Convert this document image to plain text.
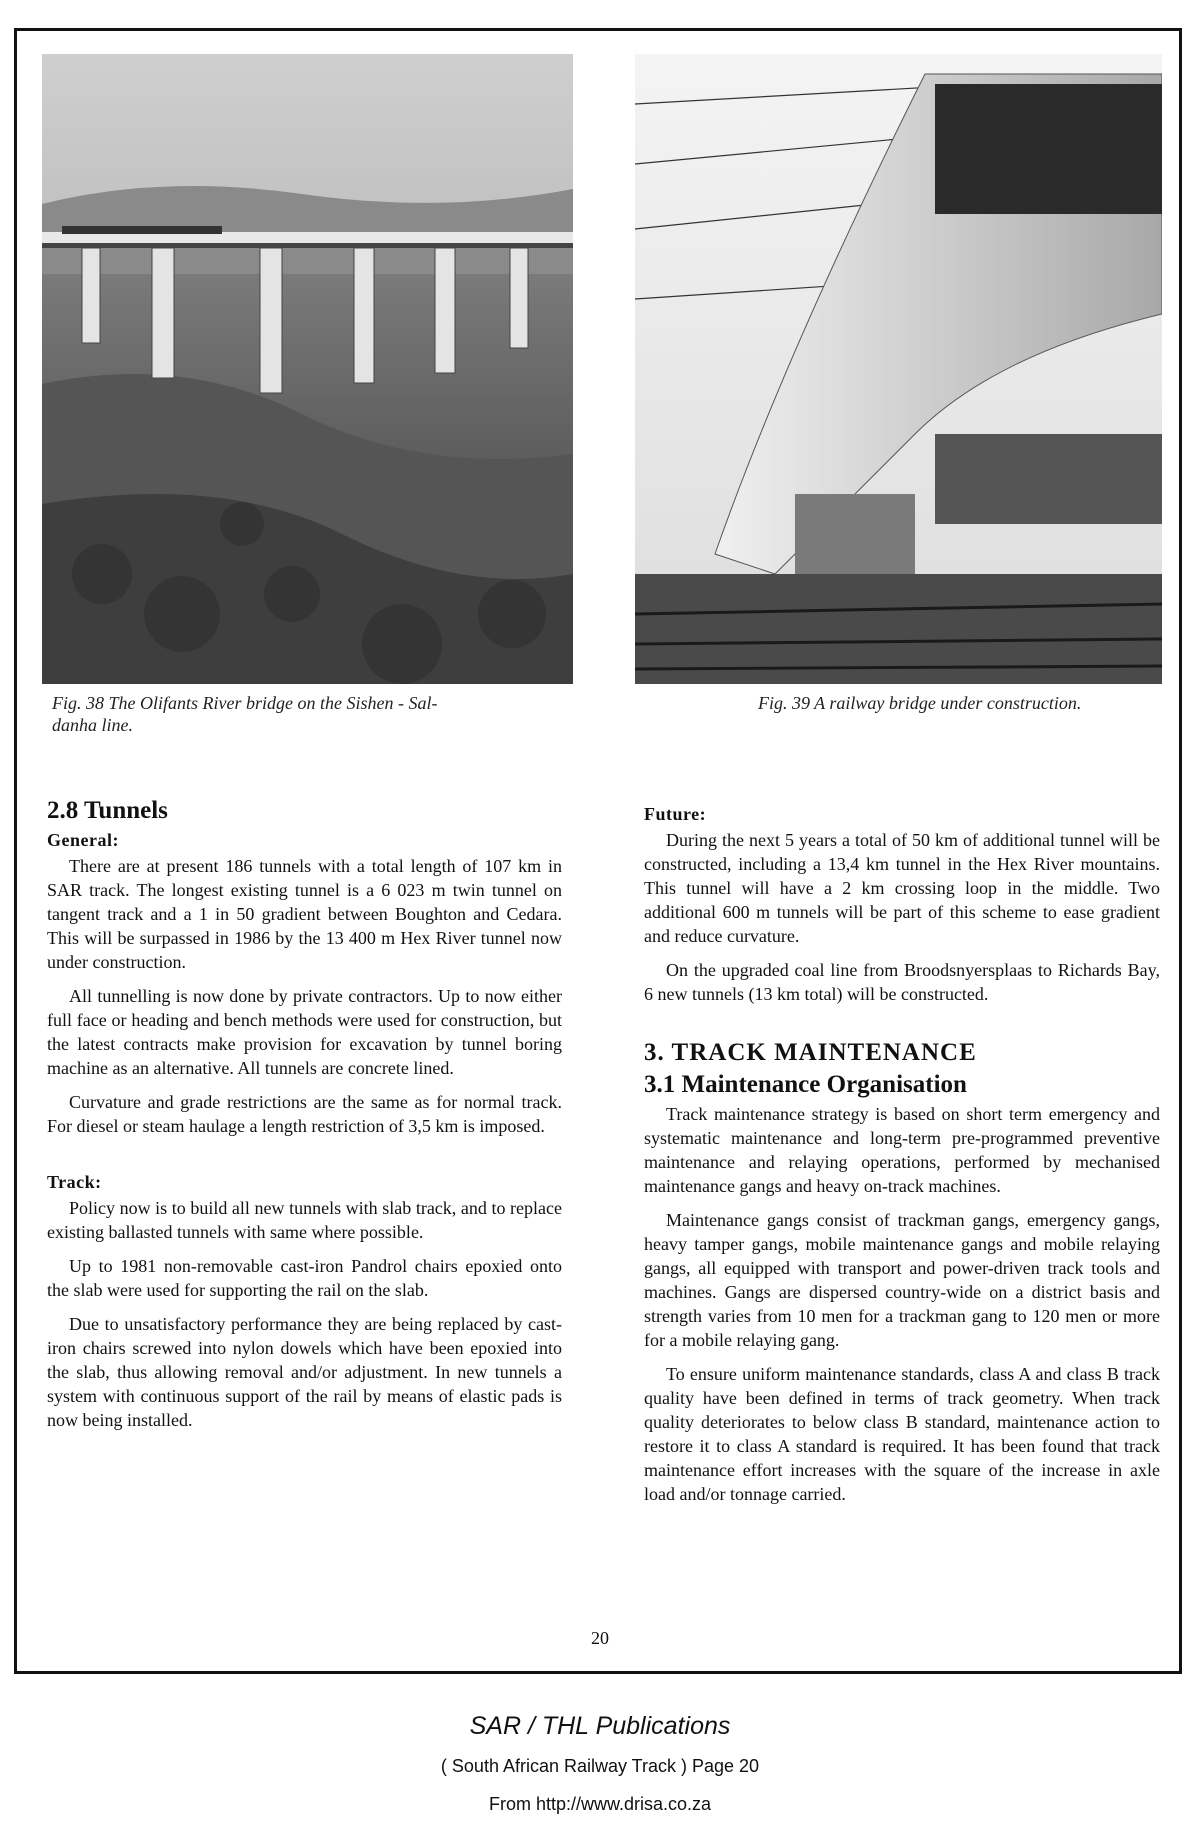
Fig. 38 The Olifants River bridge on the Sishen - Sal-
danha line.
Fig. 39 A railway bridge under construction.
2.8 Tunnels
General:

There are at present 186 tunnels with a total length of 107 km in SAR track. The longest existing tunnel is a 6 023 m twin tunnel on tangent track and a 1 in 50 gradient between Boughton and Cedara. This will be surpassed in 1986 by the 13 400 m Hex River tunnel now under construction.

All tunnelling is now done by private contractors. Up to now either full face or heading and bench methods were used for construction, but the latest contracts make provision for excavation by tunnel boring machine as an alternative. All tunnels are concrete lined.

Curvature and grade restrictions are the same as for normal track. For diesel or steam haulage a length restriction of 3,5 km is imposed.

Track:

Policy now is to build all new tunnels with slab track, and to replace existing ballasted tunnels with same where possible.

Up to 1981 non-removable cast-iron Pandrol chairs epoxied onto the slab were used for supporting the rail on the slab.

Due to unsatisfactory performance they are being replaced by cast-iron chairs screwed into nylon dowels which have been epoxied into the slab, thus allowing removal and/or adjustment. In new tunnels a system with continuous support of the rail by means of elastic pads is now being installed.

Future:

During the next 5 years a total of 50 km of additional tunnel will be constructed, including a 13,4 km tunnel in the Hex River mountains. This tunnel will have a 2 km crossing loop in the middle. Two additional 600 m tunnels will be part of this scheme to ease gradient and reduce curvature.

On the upgraded coal line from Broodsnyersplaas to Richards Bay, 6 new tunnels (13 km total) will be constructed.

3. TRACK MAINTENANCE
3.1 Maintenance Organisation

Track maintenance strategy is based on short term emergency and systematic maintenance and long-term pre-programmed preventive maintenance and relaying operations, performed by mechanised maintenance gangs and heavy on-track machines.

Maintenance gangs consist of trackman gangs, emergency gangs, heavy tamper gangs, mobile maintenance gangs and mobile relaying gangs, all equipped with transport and power-driven track tools and machines. Gangs are dispersed country-wide on a district basis and strength varies from 10 men for a trackman gang to 120 men or more for a mobile relaying gang.

To ensure uniform maintenance standards, class A and class B track quality have been defined in terms of track geometry. When track quality deteriorates to below class B standard, maintenance action to restore it to class A standard is required. It has been found that track maintenance effort increases with the square of the increase in axle load and/or tonnage carried.

20
SAR / THL Publications
( South African Railway Track ) Page 20
From http://www.drisa.co.za
